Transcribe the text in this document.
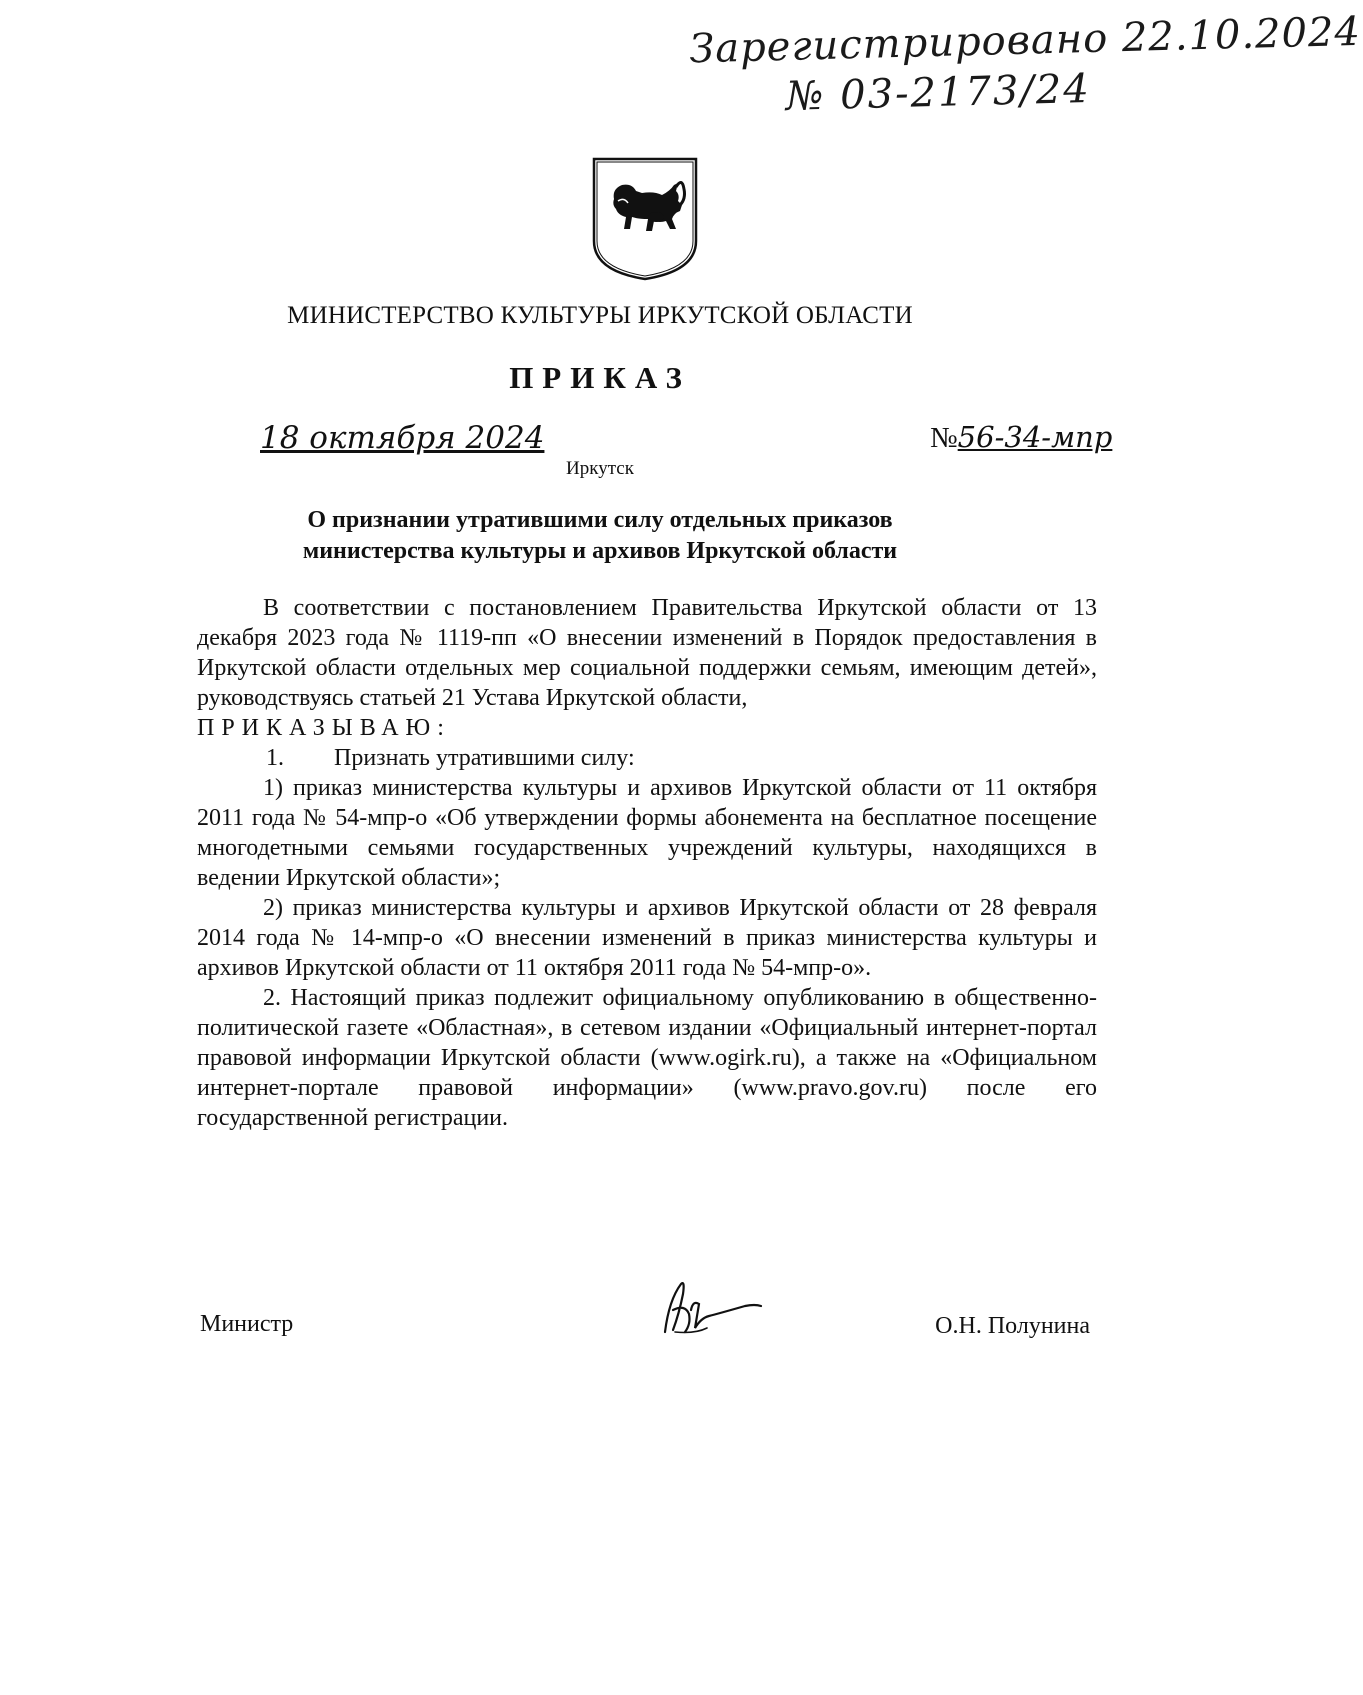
Зарегистрировано 22.10.2024
№ 03-2173/24
МИНИСТЕРСТВО КУЛЬТУРЫ ИРКУТСКОЙ ОБЛАСТИ
ПРИКАЗ
18 октября 2024	№56-34-мпр
Иркутск
О признании утратившими силу отдельных приказов
министерства культуры и архивов Иркутской области

В соответствии с постановлением Правительства Иркутской области от 13 декабря 2023 года № 1119-пп «О внесении изменений в Порядок предоставления в Иркутской области отдельных мер социальной поддержки семьям, имеющим детей», руководствуясь статьей 21 Устава Иркутской области,

ПРИКАЗЫВАЮ:

1. Признать утратившими силу:

1) приказ министерства культуры и архивов Иркутской области от 11 октября 2011 года № 54-мпр-о «Об утверждении формы абонемента на бесплатное посещение многодетными семьями государственных учреждений культуры, находящихся в ведении Иркутской области»;

2) приказ министерства культуры и архивов Иркутской области от 28 февраля 2014 года № 14-мпр-о «О внесении изменений в приказ министерства культуры и архивов Иркутской области от 11 октября 2011 года № 54-мпр-о».

2. Настоящий приказ подлежит официальному опубликованию в общественно-политической газете «Областная», в сетевом издании «Официальный интернет-портал правовой информации Иркутской области (www.ogirk.ru), а также на «Официальном интернет-портале правовой информации» (www.pravo.gov.ru) после его государственной регистрации.

Министр	О.Н. Полунина
